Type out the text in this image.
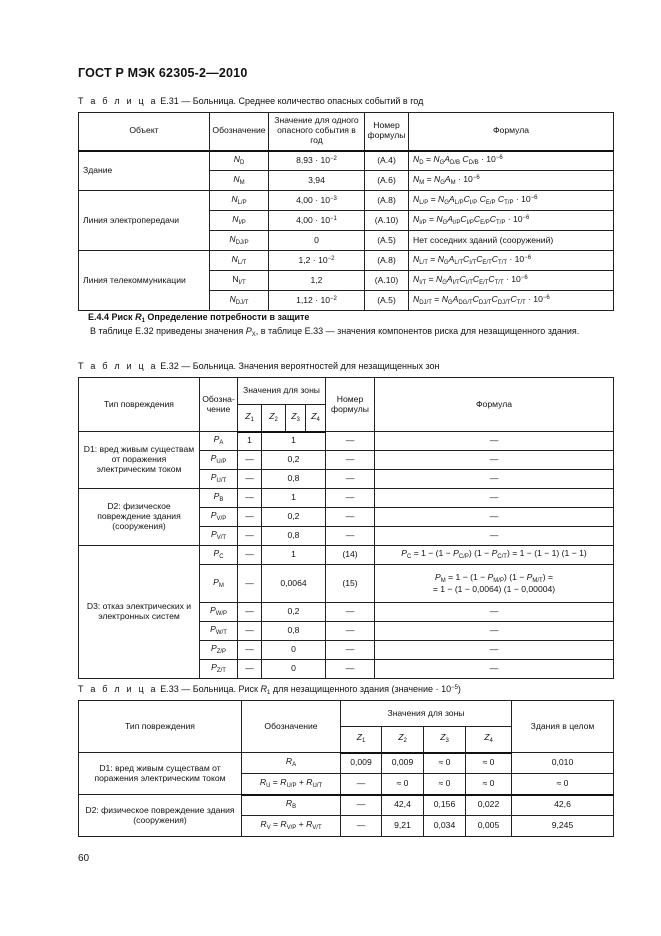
ГОСТ Р МЭК 62305-2—2010
Т а б л и ц а Е.31 — Больница. Среднее количество опасных событий в год
Объект	Обозначение	Значение для одного опасного события в год	Номер формулы	Формула
Здание	$N_D$	$8,93 \cdot 10^{-2}$	(А.4)	$N_D = N_GA_{D/B}$ $C_{D/B} \cdot 10^{-6}$
	$N_M$	3,94	(А.6)	$N_M = N_GA_M \cdot 10^{-6}$
Линия электропередачи	$N_{L/P}$	$4,00 \cdot 10^{-3}$	(А.8)	$N_{L/P} = N_GA_{L/P}C_{I/P}$ $C_{E/P}$ $C_{T/P} \cdot 10^{-6}$
	$N_{I/P}$	$4,00 \cdot 10^{-1}$	(А.10)	$N_{I/P} = N_GA_{I/P}C_{I/P}C_{E/P}C_{T/P} \cdot 10^{-6}$
	$N_{DJ/P}$	0	(А.5)	Нет соседних зданий (сооружений)
Линия телекоммуникации	$N_{L/T}$	$1,2 \cdot 10^{-2}$	(А.8)	$N_{L/T} = N_GA_{L/T}C_{I/T}C_{E/T}C_{T/T} \cdot 10^{-6}$
	$N_{I/T}$	1,2	(А.10)	$N_{I/T} = N_GA_{I/T}C_{I/T}C_{E/T}C_{T/T} \cdot 10^{-6}$
	$N_{DJ/T}$	$1,12 \cdot 10^{-2}$	(А.5)	$N_{DJ/T} = N_GA_{DG/T}C_{DJ/T}C_{DJ/T}C_{T/T} \cdot 10^{-6}$
Е.4.4 Риск $R_1$ Определение потребности в защите
В таблице Е.32 приведены значения $P_X$, в таблице Е.33 — значения компонентов риска для незащищенного здания.
Т а б л и ц а Е.32 — Больница. Значения вероятностей для незащищенных зон
Тип повреждения	Обозна-чение	Значения для зоны				Номер формулы	Формула
		$Z_1$	$Z_2$	$Z_3$	$Z_4$
D1: вред живым существам от поражения электрическим током	$P_A$	1	1			—	—
	$P_{U/P}$	—	0,2			—	—
	$P_{U/T}$	—	0,8			—	—
D2: физическое повреждение здания (сооружения)	$P_B$	—	1			—	—
	$P_{V/P}$	—	0,2			—	—
	$P_{V/T}$	—	0,8			—	—
D3: отказ электрических и электронных систем	$P_C$	—	1			(14)	$P_C = 1 - (1 - P_{C/P}) (1 - P_{C/T}) = 1 - (1 - 1) (1 - 1)$
	$P_M$	—	0,0064			(15)	$P_M = 1 - (1 - P_{M/P}) (1 - P_{M/T})$ =
= 1 − (1 − 0,0064) (1 − 0,00004)
	$P_{W/P}$	—	0,2			—	—
	$P_{W/T}$	—	0,8			—	—
	$P_{Z/P}$	—	0			—	—
	$P_{Z/T}$	—	0			—	—
Т а б л и ц а Е.33 — Больница. Риск $R_1$ для незащищенного здания (значение · $10^{-5}$)
Тип повреждения	Обозначение	Значения для зоны				Здания в целом
		$Z_1$	$Z_2$	$Z_3$	$Z_4$
D1: вред живым существам от поражения электрическим током	$R_A$	0,009	0,009	≈ 0	≈ 0	0,010
	$R_U = R_{U/P} + R_{U/T}$	—	≈ 0	≈ 0	≈ 0	≈ 0
D2: физическое повреждение здания (сооружения)	$R_B$	—	42,4	0,156	0,022	42,6
	$R_V = R_{V/P} + R_{V/T}$	—	9,21	0,034	0,005	9,245
60
